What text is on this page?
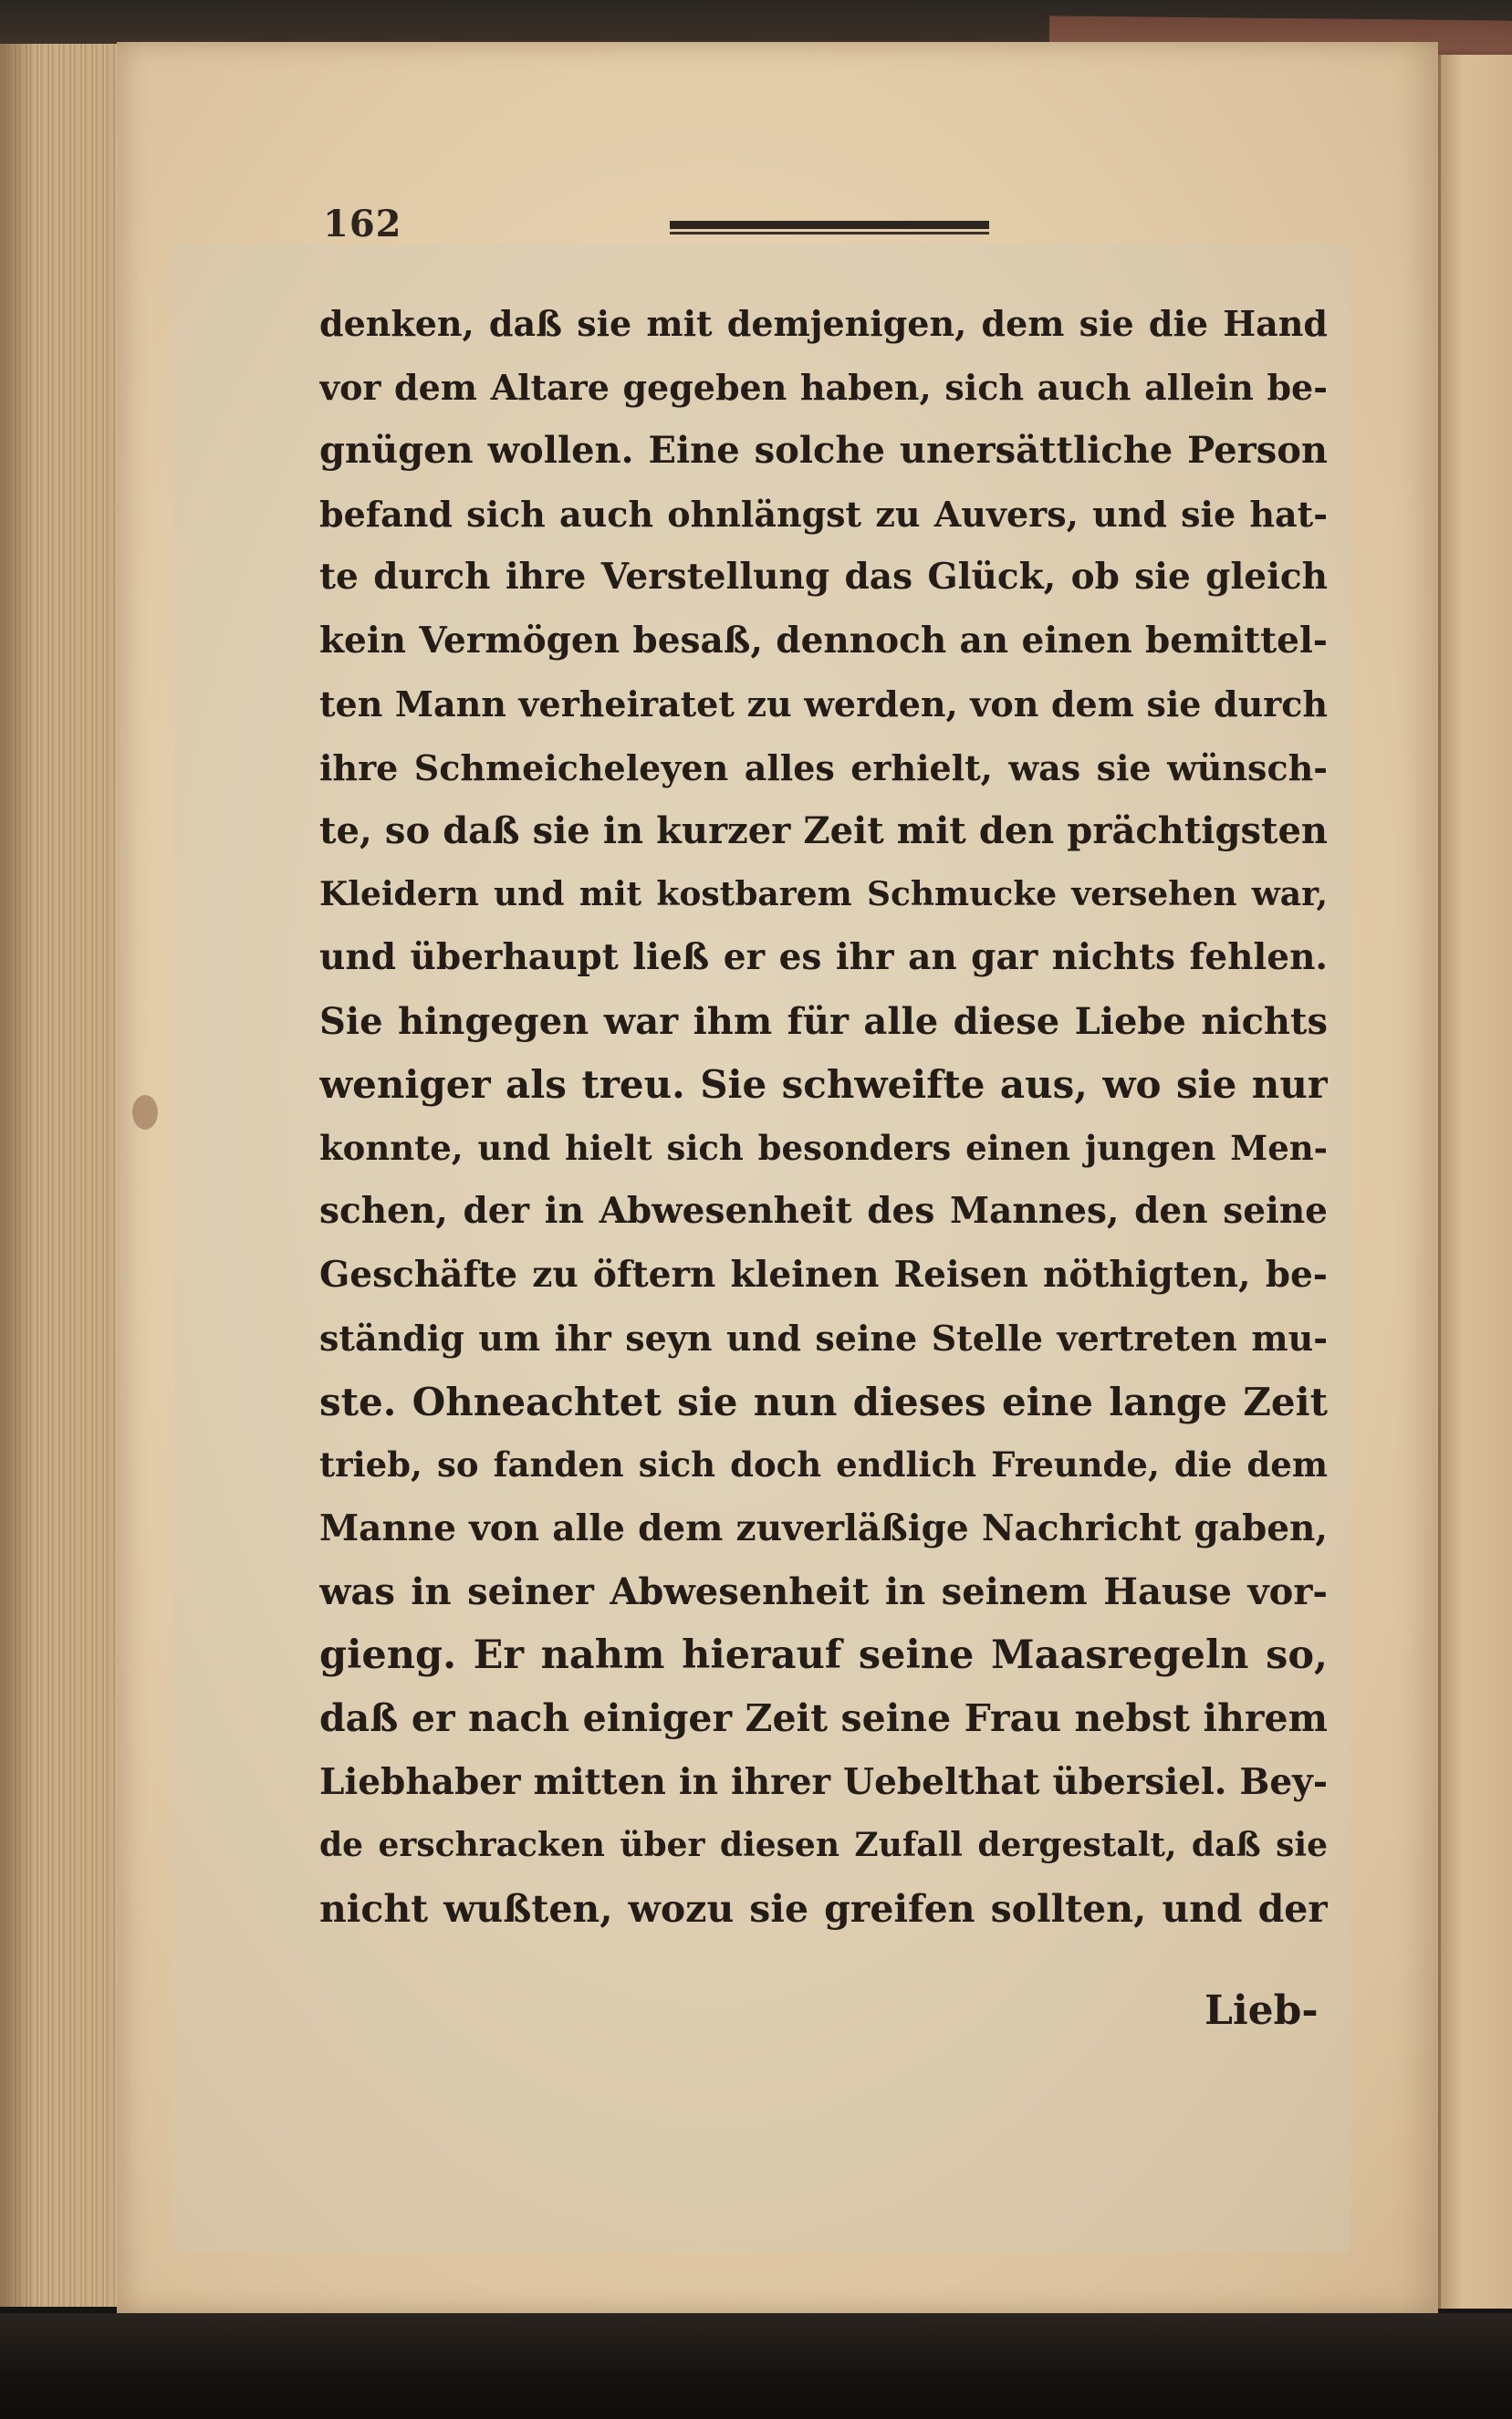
162
denken, daß sie mit demjenigen, dem sie die Hand
vor dem Altare gegeben haben, sich auch allein be-
gnügen wollen. Eine solche unersättliche Person
befand sich auch ohnlängst zu Auvers, und sie hat-
te durch ihre Verstellung das Glück, ob sie gleich
kein Vermögen besaß, dennoch an einen bemittel-
ten Mann verheiratet zu werden, von dem sie durch
ihre Schmeicheleyen alles erhielt, was sie wünsch-
te, so daß sie in kurzer Zeit mit den prächtigsten
Kleidern und mit kostbarem Schmucke versehen war,
und überhaupt ließ er es ihr an gar nichts fehlen.
Sie hingegen war ihm für alle diese Liebe nichts
weniger als treu. Sie schweifte aus, wo sie nur
konnte, und hielt sich besonders einen jungen Men-
schen, der in Abwesenheit des Mannes, den seine
Geschäfte zu öftern kleinen Reisen nöthigten, be-
ständig um ihr seyn und seine Stelle vertreten mu-
ste. Ohneachtet sie nun dieses eine lange Zeit
trieb, so fanden sich doch endlich Freunde, die dem
Manne von alle dem zuverläßige Nachricht gaben,
was in seiner Abwesenheit in seinem Hause vor-
gieng. Er nahm hierauf seine Maasregeln so,
daß er nach einiger Zeit seine Frau nebst ihrem
Liebhaber mitten in ihrer Uebelthat übersiel. Bey-
de erschracken über diesen Zufall dergestalt, daß sie
nicht wußten, wozu sie greifen sollten, und der
Lieb-
